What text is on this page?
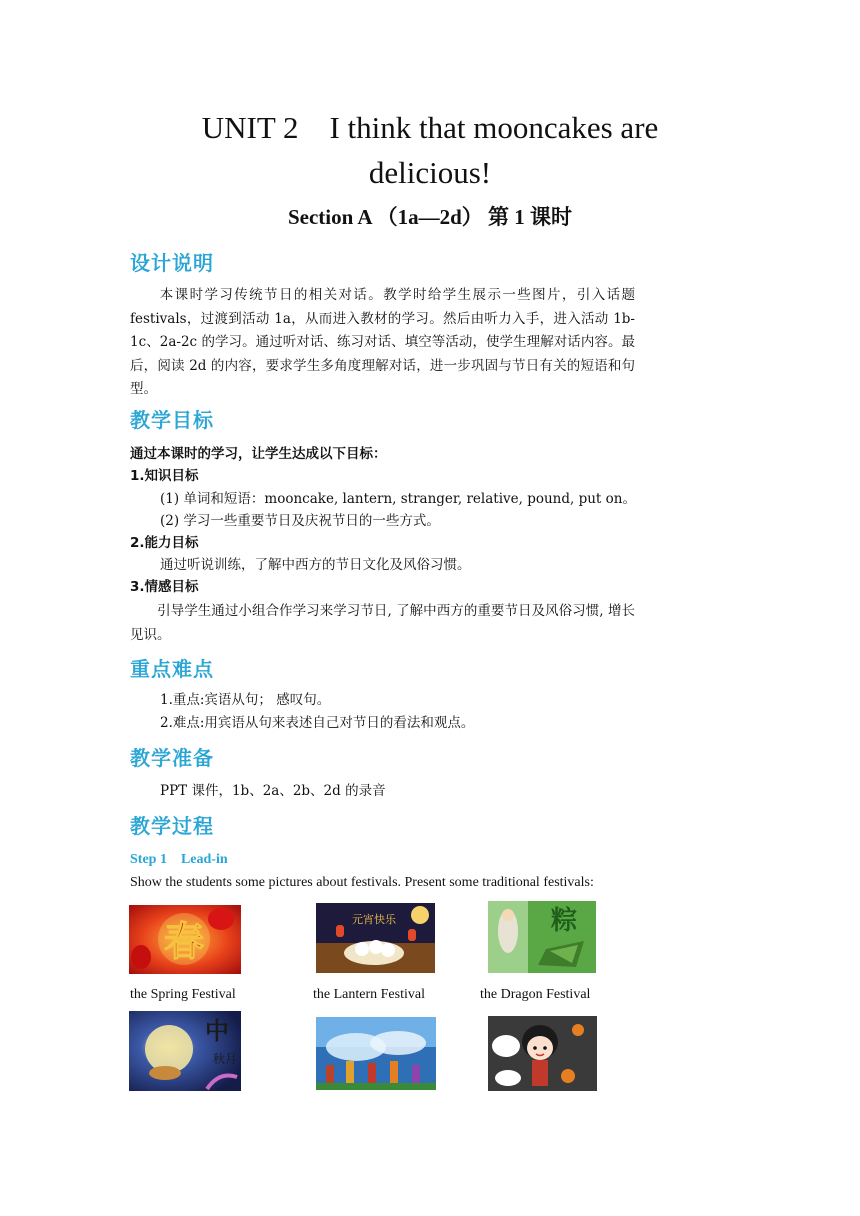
UNIT 2　I think that mooncakes are
delicious!
Section A （1a—2d） 第 1 课时
设计说明
　　本课时学习传统节日的相关对话。教学时给学生展示一些图片，引入话题 festivals，过渡到活动 1a，从而进入教材的学习。然后由听力入手，进入活动 1b-1c、2a-2c 的学习。通过听对话、练习对话、填空等活动，使学生理解对话内容。最后，阅读 2d 的内容，要求学生多角度理解对话，进一步巩固与节日有关的短语和句型。
教学目标
通过本课时的学习，让学生达成以下目标：
1.知识目标
(1) 单词和短语：mooncake, lantern, stranger, relative, pound, put on。
(2) 学习一些重要节日及庆祝节日的一些方式。
2.能力目标
通过听说训练，了解中西方的节日文化及风俗习惯。
3.情感目标
　　引导学生通过小组合作学习来学习节日, 了解中西方的重要节日及风俗习惯, 增长见识。
重点难点
1.重点:宾语从句； 感叹句。
2.难点:用宾语从句来表述自己对节日的看法和观点。
教学准备
PPT 课件，1b、2a、2b、2d 的录音
教学过程
Step 1　Lead-in
Show the students some pictures about festivals. Present some traditional festivals:
春	元宵快乐	粽
the Spring Festival	the Lantern Festival	the Dragon Festival
中
秋月
